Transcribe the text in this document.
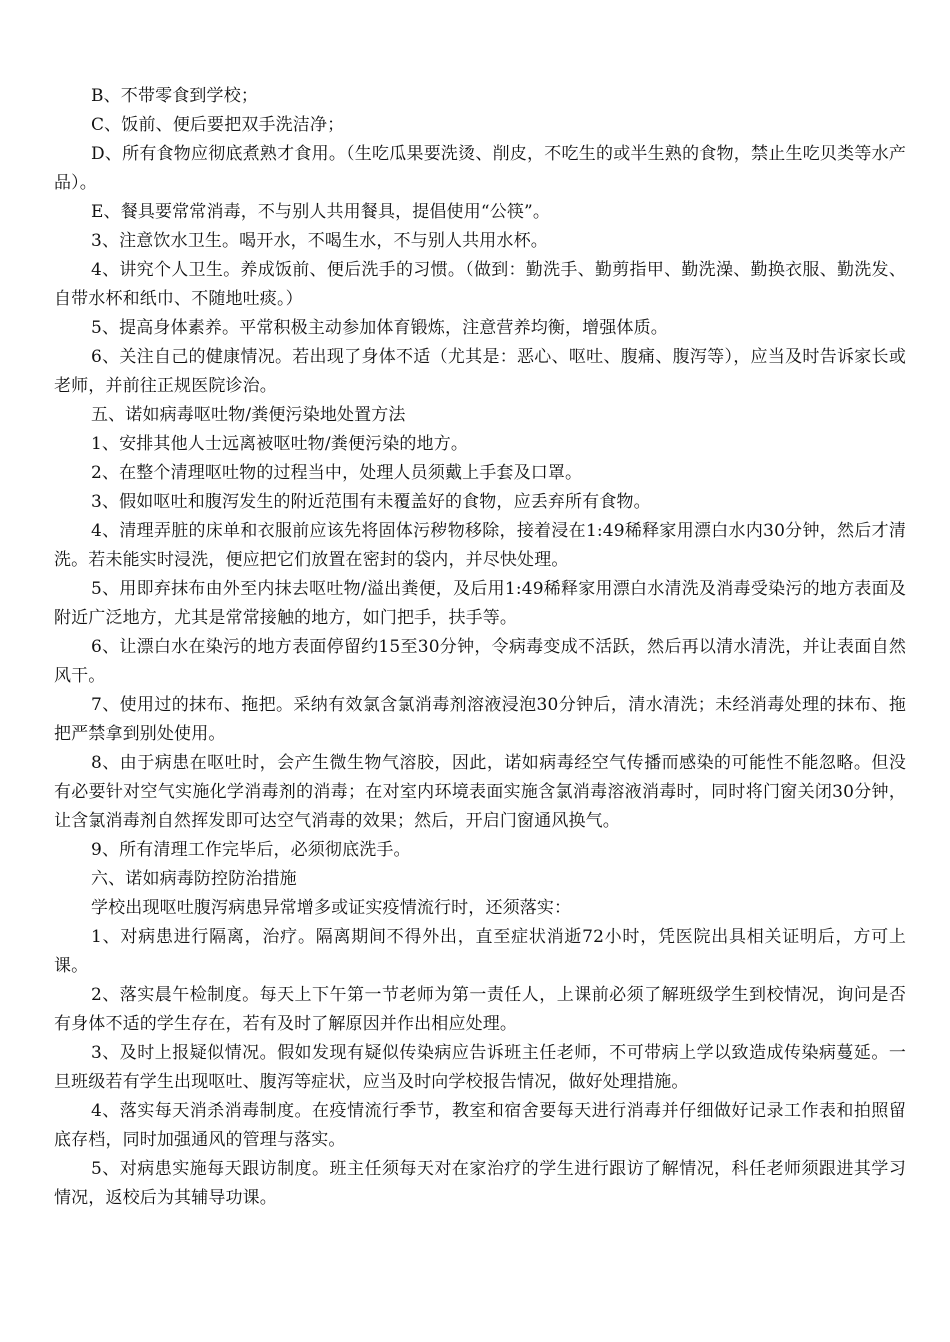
B、不带零食到学校；

C、饭前、便后要把双手洗洁净；

D、所有食物应彻底煮熟才食用。（生吃瓜果要洗烫、削皮，不吃生的或半生熟的食物，禁止生吃贝类等水产品）。

E、餐具要常常消毒，不与别人共用餐具，提倡使用“公筷”。

3、注意饮水卫生。喝开水，不喝生水，不与别人共用水杯。

4、讲究个人卫生。养成饭前、便后洗手的习惯。（做到：勤洗手、勤剪指甲、勤洗澡、勤换衣服、勤洗发、自带水杯和纸巾、不随地吐痰。）

5、提高身体素养。平常积极主动参加体育锻炼，注意营养均衡，增强体质。

6、关注自己的健康情况。若出现了身体不适（尤其是：恶心、呕吐、腹痛、腹泻等），应当及时告诉家长或老师，并前往正规医院诊治。

五、诺如病毒呕吐物/粪便污染地处置方法

1、安排其他人士远离被呕吐物/粪便污染的地方。

2、在整个清理呕吐物的过程当中，处理人员须戴上手套及口罩。

3、假如呕吐和腹泻发生的附近范围有未覆盖好的食物，应丢弃所有食物。

4、清理弄脏的床单和衣服前应该先将固体污秽物移除，接着浸在1:49稀释家用漂白水内30分钟，然后才清洗。若未能实时浸洗，便应把它们放置在密封的袋内，并尽快处理。

5、用即弃抹布由外至内抹去呕吐物/溢出粪便，及后用1:49稀释家用漂白水清洗及消毒受染污的地方表面及附近广泛地方，尤其是常常接触的地方，如门把手，扶手等。

6、让漂白水在染污的地方表面停留约15至30分钟，令病毒变成不活跃，然后再以清水清洗，并让表面自然风干。

7、使用过的抹布、拖把。采纳有效氯含氯消毒剂溶液浸泡30分钟后，清水清洗；未经消毒处理的抹布、拖把严禁拿到别处使用。

8、由于病患在呕吐时，会产生微生物气溶胶，因此，诺如病毒经空气传播而感染的可能性不能忽略。但没有必要针对空气实施化学消毒剂的消毒；在对室内环境表面实施含氯消毒溶液消毒时，同时将门窗关闭30分钟，让含氯消毒剂自然挥发即可达空气消毒的效果；然后，开启门窗通风换气。

9、所有清理工作完毕后，必须彻底洗手。

六、诺如病毒防控防治措施

学校出现呕吐腹泻病患异常增多或证实疫情流行时，还须落实：

1、对病患进行隔离，治疗。隔离期间不得外出，直至症状消逝72小时，凭医院出具相关证明后，方可上课。

2、落实晨午检制度。每天上下午第一节老师为第一责任人，上课前必须了解班级学生到校情况，询问是否有身体不适的学生存在，若有及时了解原因并作出相应处理。

3、及时上报疑似情况。假如发现有疑似传染病应告诉班主任老师，不可带病上学以致造成传染病蔓延。一旦班级若有学生出现呕吐、腹泻等症状，应当及时向学校报告情况，做好处理措施。

4、落实每天消杀消毒制度。在疫情流行季节，教室和宿舍要每天进行消毒并仔细做好记录工作表和拍照留底存档，同时加强通风的管理与落实。

5、对病患实施每天跟访制度。班主任须每天对在家治疗的学生进行跟访了解情况，科任老师须跟进其学习情况，返校后为其辅导功课。
